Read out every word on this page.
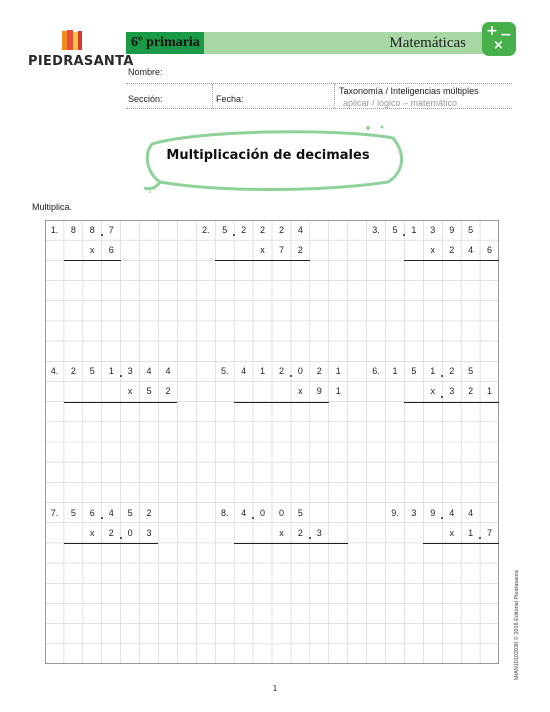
PIEDRASANTA
6º primaria	Matemáticas
+ −
×
Nombre:
Sección:	Fecha:
Taxonomía / Inteligencias múltiples
aplicar / lógico – matemático
Multiplicación de decimales
Multiplica.
1.	8	8	7
x	6
2.	5	2	2	2	4
x	7	2
3.	5	1	3	9	5
x	2	4	6
4.	2	5	1	3	4	4
x	5	2
5.	4	1	2	0	2	1
x	9	1
6.	1	5	1	2	5
x	3	2	1
7.	5	6	4	5	2
x	2	0	3
8.	4	0	0	5
x	2	3
9.	3	9	4	4
x	1	7
1
MtAN10102030 © 2018 Editorial Piedrasanta
